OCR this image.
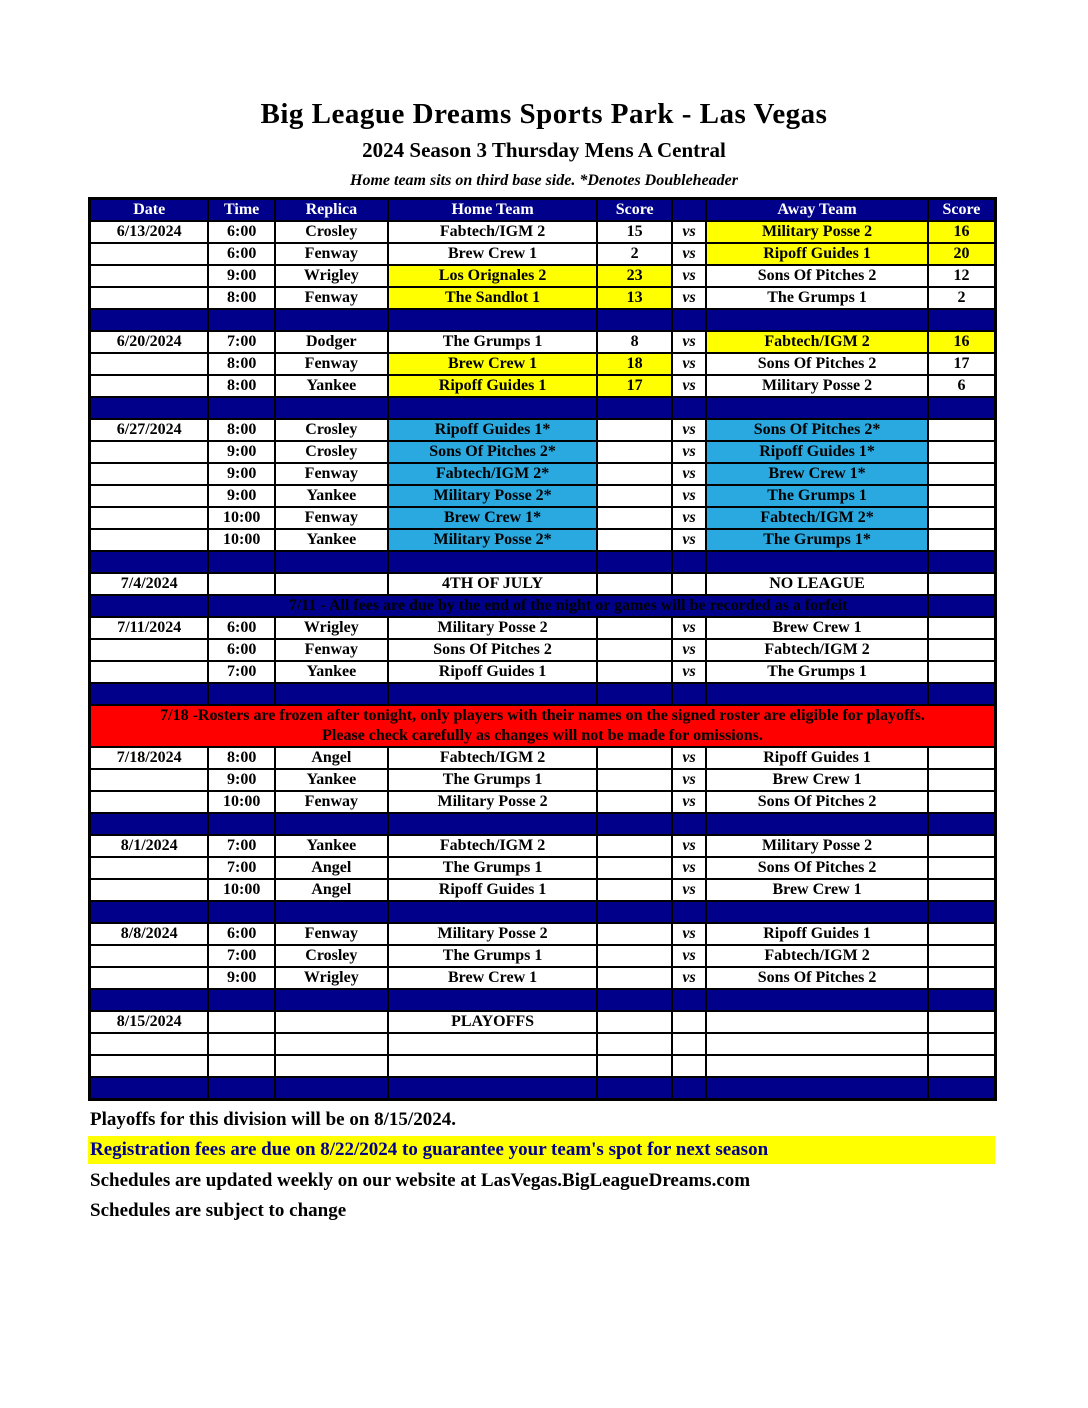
Big League Dreams Sports Park - Las Vegas
2024 Season 3 Thursday Mens A Central
Home team sits on third base side. *Denotes Doubleheader
Date	Time	Replica	Home Team	Score		Away Team	Score
6/13/2024	6:00	Crosley	Fabtech/IGM 2	15	vs	Military Posse 2	16
	6:00	Fenway	Brew Crew 1	2	vs	Ripoff Guides 1	20
	9:00	Wrigley	Los Orignales 2	23	vs	Sons Of Pitches 2	12
	8:00	Fenway	The Sandlot 1	13	vs	The Grumps 1	2

6/20/2024	7:00	Dodger	The Grumps 1	8	vs	Fabtech/IGM 2	16
	8:00	Fenway	Brew Crew 1	18	vs	Sons Of Pitches 2	17
	8:00	Yankee	Ripoff Guides 1	17	vs	Military Posse 2	6

6/27/2024	8:00	Crosley	Ripoff Guides 1*		vs	Sons Of Pitches 2*	
	9:00	Crosley	Sons Of Pitches 2*		vs	Ripoff Guides 1*	
	9:00	Fenway	Fabtech/IGM 2*		vs	Brew Crew 1*	
	9:00	Yankee	Military Posse 2*		vs	The Grumps 1	
	10:00	Fenway	Brew Crew 1*		vs	Fabtech/IGM 2*	
	10:00	Yankee	Military Posse 2*		vs	The Grumps 1*	

7/4/2024			4TH OF JULY			NO LEAGUE	
	7/11 - All fees are due by the end of the night or games will be recorded as a forfeit						
7/11/2024	6:00	Wrigley	Military Posse 2		vs	Brew Crew 1	
	6:00	Fenway	Sons Of Pitches 2		vs	Fabtech/IGM 2	
	7:00	Yankee	Ripoff Guides 1		vs	The Grumps 1	

7/18 -Rosters are frozen after tonight, only players with their names on the signed roster are eligible for playoffs.
Please check carefully as changes will not be made for omissions.							
7/18/2024	8:00	Angel	Fabtech/IGM 2		vs	Ripoff Guides 1	
	9:00	Yankee	The Grumps 1		vs	Brew Crew 1	
	10:00	Fenway	Military Posse 2		vs	Sons Of Pitches 2	

8/1/2024	7:00	Yankee	Fabtech/IGM 2		vs	Military Posse 2	
	7:00	Angel	The Grumps 1		vs	Sons Of Pitches 2	
	10:00	Angel	Ripoff Guides 1		vs	Brew Crew 1	

8/8/2024	6:00	Fenway	Military Posse 2		vs	Ripoff Guides 1	
	7:00	Crosley	The Grumps 1		vs	Fabtech/IGM 2	
	9:00	Wrigley	Brew Crew 1		vs	Sons Of Pitches 2	

8/15/2024			PLAYOFFS				

Playoffs for this division will be on 8/15/2024.
Registration fees are due on 8/22/2024 to guarantee your team's spot for next season
Schedules are updated weekly on our website at LasVegas.BigLeagueDreams.com
Schedules are subject to change
